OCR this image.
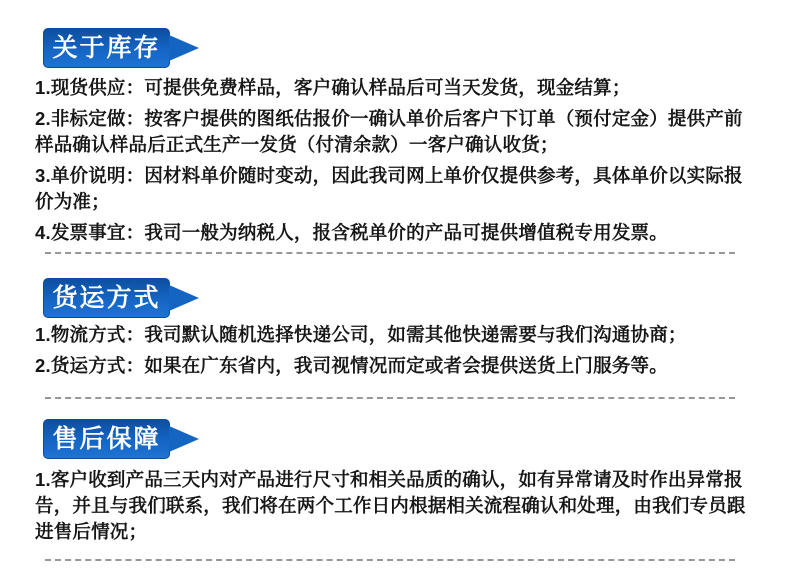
关于库存
1.现货供应：可提供免费样品，客户确认样品后可当天发货，现金结算；
2.非标定做：按客户提供的图纸估报价一确认单价后客户下订单（预付定金）提供产前
样品确认样品后正式生产一发货（付清余款）一客户确认收货；
3.单价说明：因材料单价随时变动，因此我司网上单价仅提供参考，具体单价以实际报
价为准；
4.发票事宜：我司一般为纳税人，报含税单价的产品可提供增值税专用发票。
货运方式
1.物流方式：我司默认随机选择快递公司，如需其他快递需要与我们沟通协商；
2.货运方式：如果在广东省内，我司视情况而定或者会提供送货上门服务等。
售后保障
1.客户收到产品三天内对产品进行尺寸和相关品质的确认，如有异常请及时作出异常报
告，并且与我们联系，我们将在两个工作日内根据相关流程确认和处理，由我们专员跟
进售后情况；
